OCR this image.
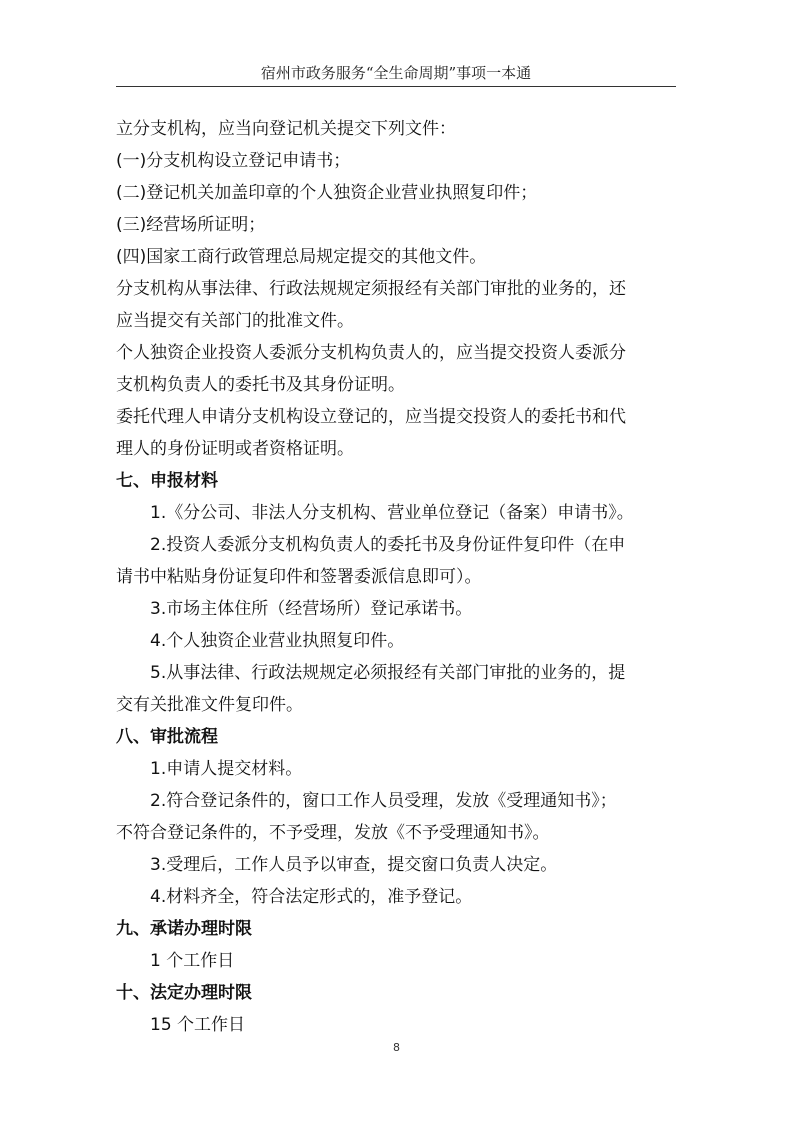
宿州市政务服务“全生命周期”事项一本通
立分支机构，应当向登记机关提交下列文件：
(一)分支机构设立登记申请书；
(二)登记机关加盖印章的个人独资企业营业执照复印件；
(三)经营场所证明；
(四)国家工商行政管理总局规定提交的其他文件。
分支机构从事法律、行政法规规定须报经有关部门审批的业务的，还
应当提交有关部门的批准文件。
个人独资企业投资人委派分支机构负责人的，应当提交投资人委派分
支机构负责人的委托书及其身份证明。
委托代理人申请分支机构设立登记的，应当提交投资人的委托书和代
理人的身份证明或者资格证明。
七、申报材料
1.《分公司、非法人分支机构、营业单位登记（备案）申请书》。
2.投资人委派分支机构负责人的委托书及身份证件复印件（在申
请书中粘贴身份证复印件和签署委派信息即可）。
3.市场主体住所（经营场所）登记承诺书。
4.个人独资企业营业执照复印件。
5.从事法律、行政法规规定必须报经有关部门审批的业务的，提
交有关批准文件复印件。
八、审批流程
1.申请人提交材料。
2.符合登记条件的，窗口工作人员受理，发放《受理通知书》；
不符合登记条件的，不予受理，发放《不予受理通知书》。
3.受理后，工作人员予以审查，提交窗口负责人决定。
4.材料齐全，符合法定形式的，准予登记。
九、承诺办理时限
1 个工作日
十、法定办理时限
15 个工作日
8
